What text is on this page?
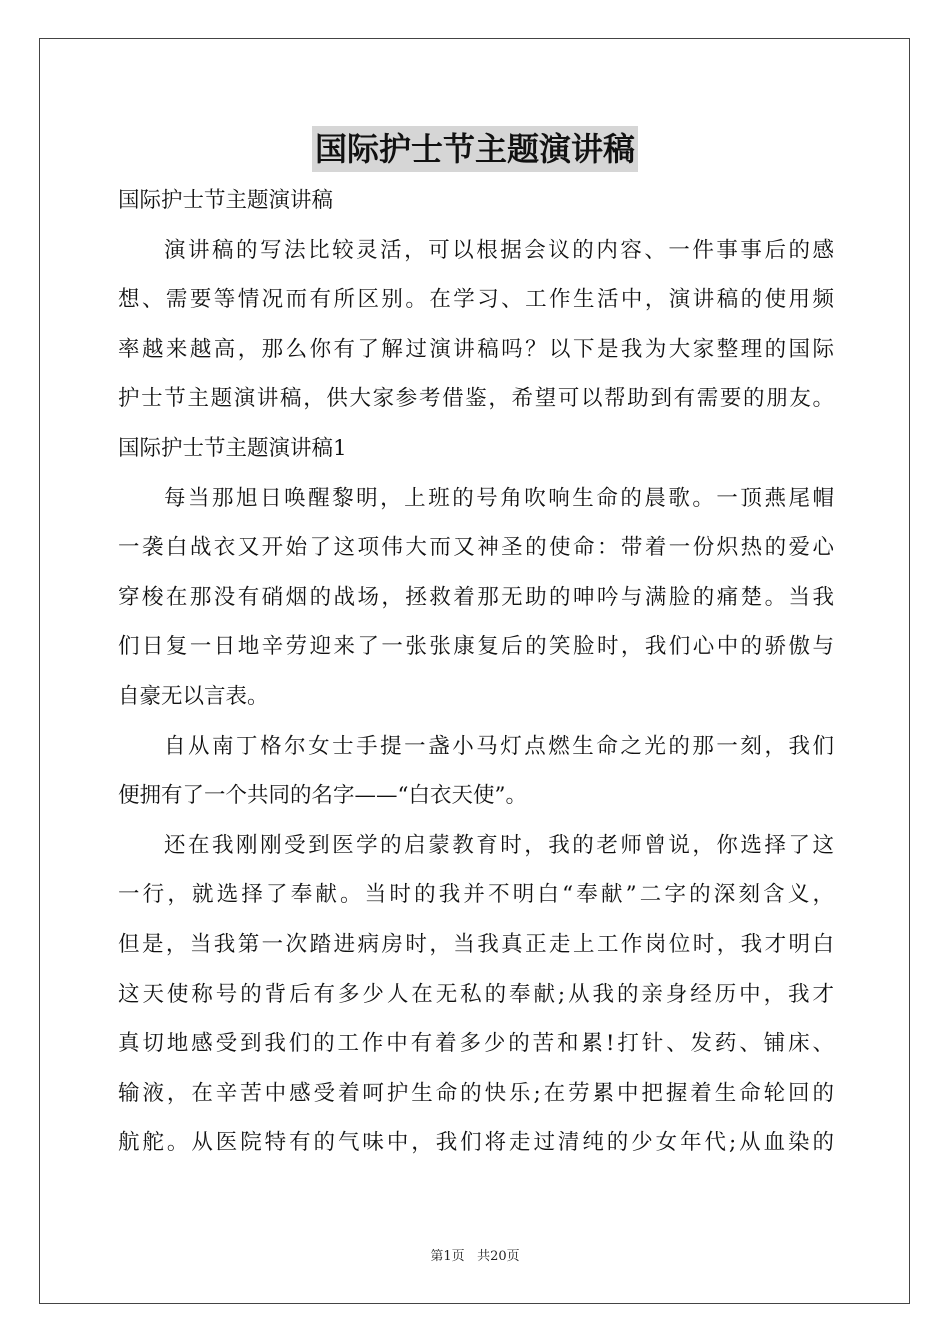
国际护士节主题演讲稿
国际护士节主题演讲稿
演讲稿的写法比较灵活，可以根据会议的内容、一件事事后的感
想、需要等情况而有所区别。在学习、工作生活中，演讲稿的使用频
率越来越高，那么你有了解过演讲稿吗？以下是我为大家整理的国际
护士节主题演讲稿，供大家参考借鉴，希望可以帮助到有需要的朋友。
国际护士节主题演讲稿1
每当那旭日唤醒黎明，上班的号角吹响生命的晨歌。一顶燕尾帽
一袭白战衣又开始了这项伟大而又神圣的使命：带着一份炽热的爱心
穿梭在那没有硝烟的战场，拯救着那无助的呻吟与满脸的痛楚。当我
们日复一日地辛劳迎来了一张张康复后的笑脸时，我们心中的骄傲与
自豪无以言表。
自从南丁格尔女士手提一盏小马灯点燃生命之光的那一刻，我们
便拥有了一个共同的名字——“白衣天使”。
还在我刚刚受到医学的启蒙教育时，我的老师曾说，你选择了这
一行，就选择了奉献。当时的我并不明白“奉献”二字的深刻含义，
但是，当我第一次踏进病房时，当我真正走上工作岗位时，我才明白
这天使称号的背后有多少人在无私的奉献;从我的亲身经历中，我才
真切地感受到我们的工作中有着多少的苦和累!打针、发药、铺床、
输液，在辛苦中感受着呵护生命的快乐;在劳累中把握着生命轮回的
航舵。从医院特有的气味中，我们将走过清纯的少女年代;从血染的
第1页 共20页
